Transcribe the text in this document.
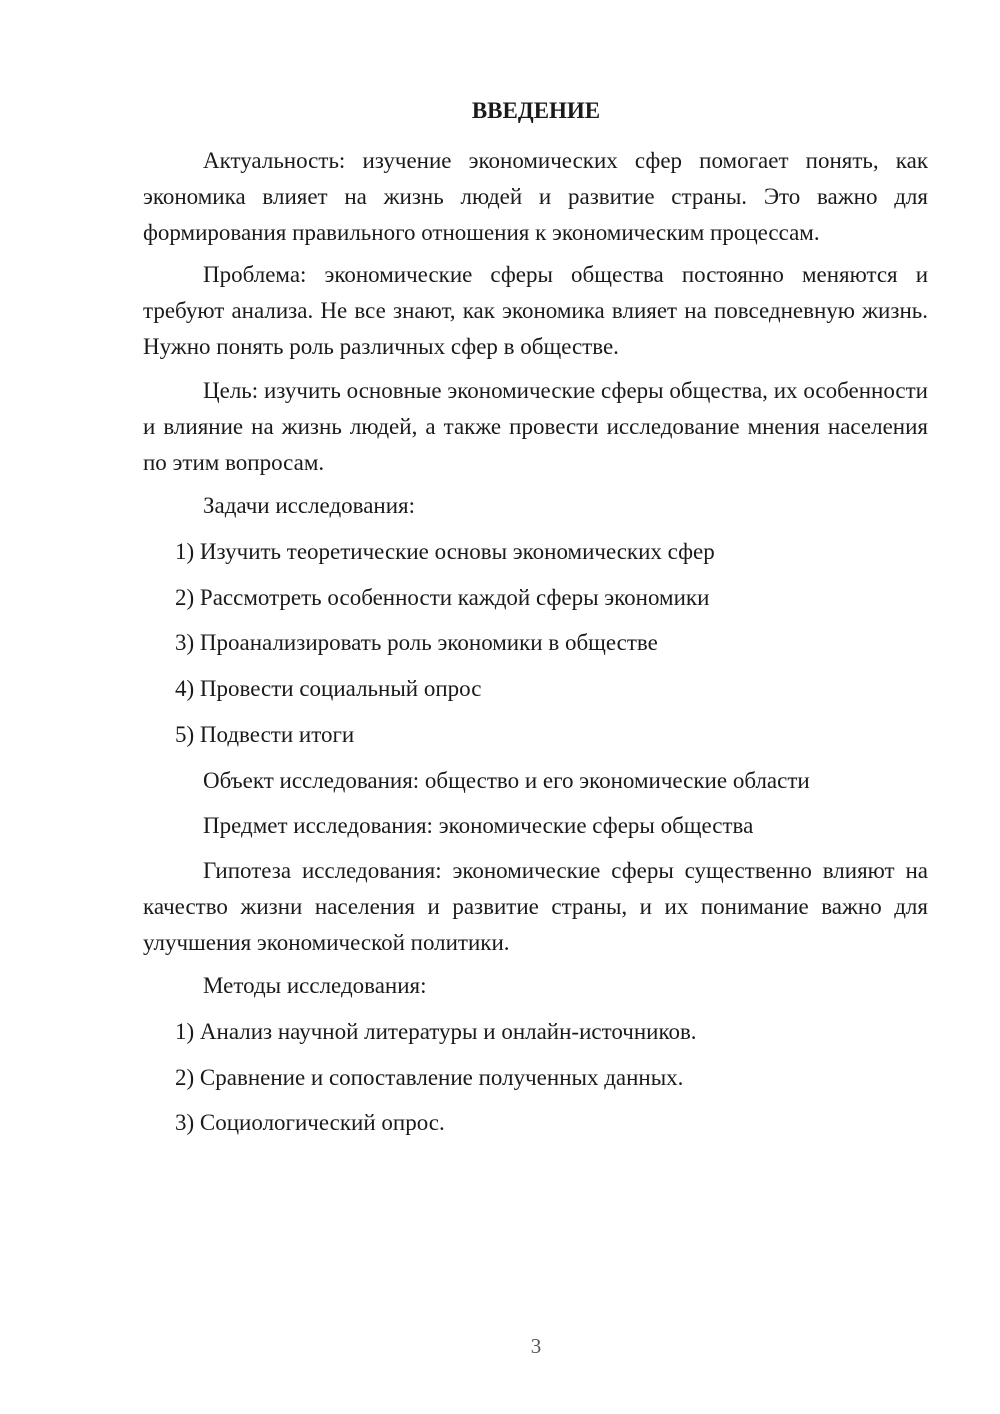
ВВЕДЕНИЕ

Актуальность: изучение экономических сфер помогает понять, как экономика влияет на жизнь людей и развитие страны. Это важно для формирования правильного отношения к экономическим процессам.

Проблема: экономические сферы общества постоянно меняются и требуют анализа. Не все знают, как экономика влияет на повседневную жизнь. Нужно понять роль различных сфер в обществе.

Цель: изучить основные экономические сферы общества, их особенности и влияние на жизнь людей, а также провести исследование мнения населения по этим вопросам.

Задачи исследования:

1) Изучить теоретические основы экономических сфер

2) Рассмотреть особенности каждой сферы экономики

3) Проанализировать роль экономики в обществе

4) Провести социальный опрос

5) Подвести итоги

Объект исследования: общество и его экономические области

Предмет исследования: экономические сферы общества

Гипотеза исследования: экономические сферы существенно влияют на качество жизни населения и развитие страны, и их понимание важно для улучшения экономической политики.

Методы исследования:

1) Анализ научной литературы и онлайн-источников.

2) Сравнение и сопоставление полученных данных.

3) Социологический опрос.

3
